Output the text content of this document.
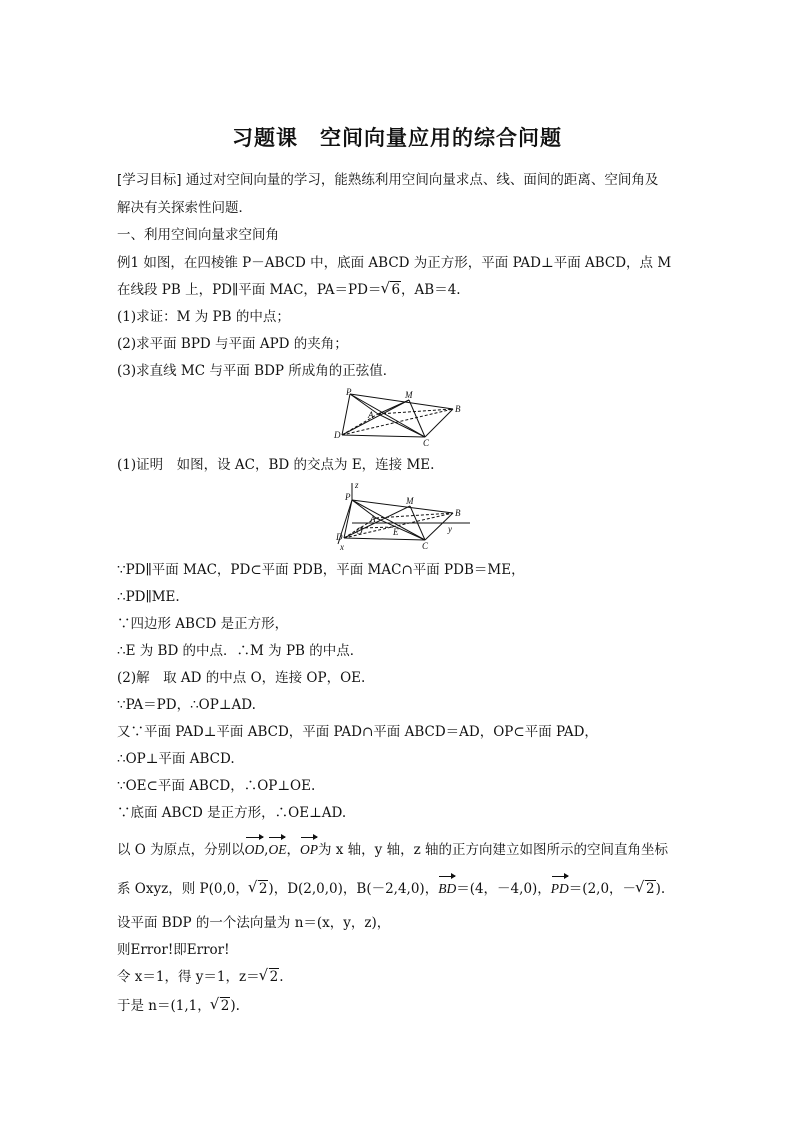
习题课　空间向量应用的综合问题
[学习目标] 通过对空间向量的学习，能熟练利用空间向量求点、线、面间的距离、空间角及
解决有关探索性问题．
一、利用空间向量求空间角
例1 如图，在四棱锥 P－ABCD 中，底面 ABCD 为正方形，平面 PAD⊥平面 ABCD，点 M
在线段 PB 上，PD∥平面 MAC，PA＝PD＝ √ 6，AB＝4.
(1)求证：M 为 PB 的中点；
(2)求平面 BPD 与平面 APD 的夹角；
(3)求直线 MC 与平面 BDP 所成角的正弦值．
P	M
A
B
D
C
(1)证明　如图，设 AC，BD 的交点为 E，连接 ME.
P
z
M
B
A
O	E	y
D
C
x
∵PD∥平面 MAC，PD⊂平面 PDB，平面 MAC∩平面 PDB＝ME，
∴PD∥ME.
∵四边形 ABCD 是正方形，
∴E 为 BD 的中点．∴M 为 PB 的中点．
(2)解　取 AD 的中点 O，连接 OP，OE.
∵PA＝PD，∴OP⊥AD.
又∵平面 PAD⊥平面 ABCD，平面 PAD∩平面 ABCD＝AD，OP⊂平面 PAD，
∴OP⊥平面 ABCD.
∵OE⊂平面 ABCD，∴OP⊥OE.
∵底面 ABCD 是正方形，∴OE⊥AD.
以 O 为原点，分别以OD,OE，OP为 x 轴，y 轴，z 轴的正方向建立如图所示的空间直角坐标
系 Oxyz，则 P(0,0， √ 2)，D(2,0,0)，B(－2,4,0)，BD＝(4，－4,0)，PD＝(2,0，－ √ 2).
设平面 BDP 的一个法向量为 n＝(x，y，z)，
则Error!即Error!
令 x＝1，得 y＝1，z＝ √ 2.
于是 n＝(1,1， √ 2).
